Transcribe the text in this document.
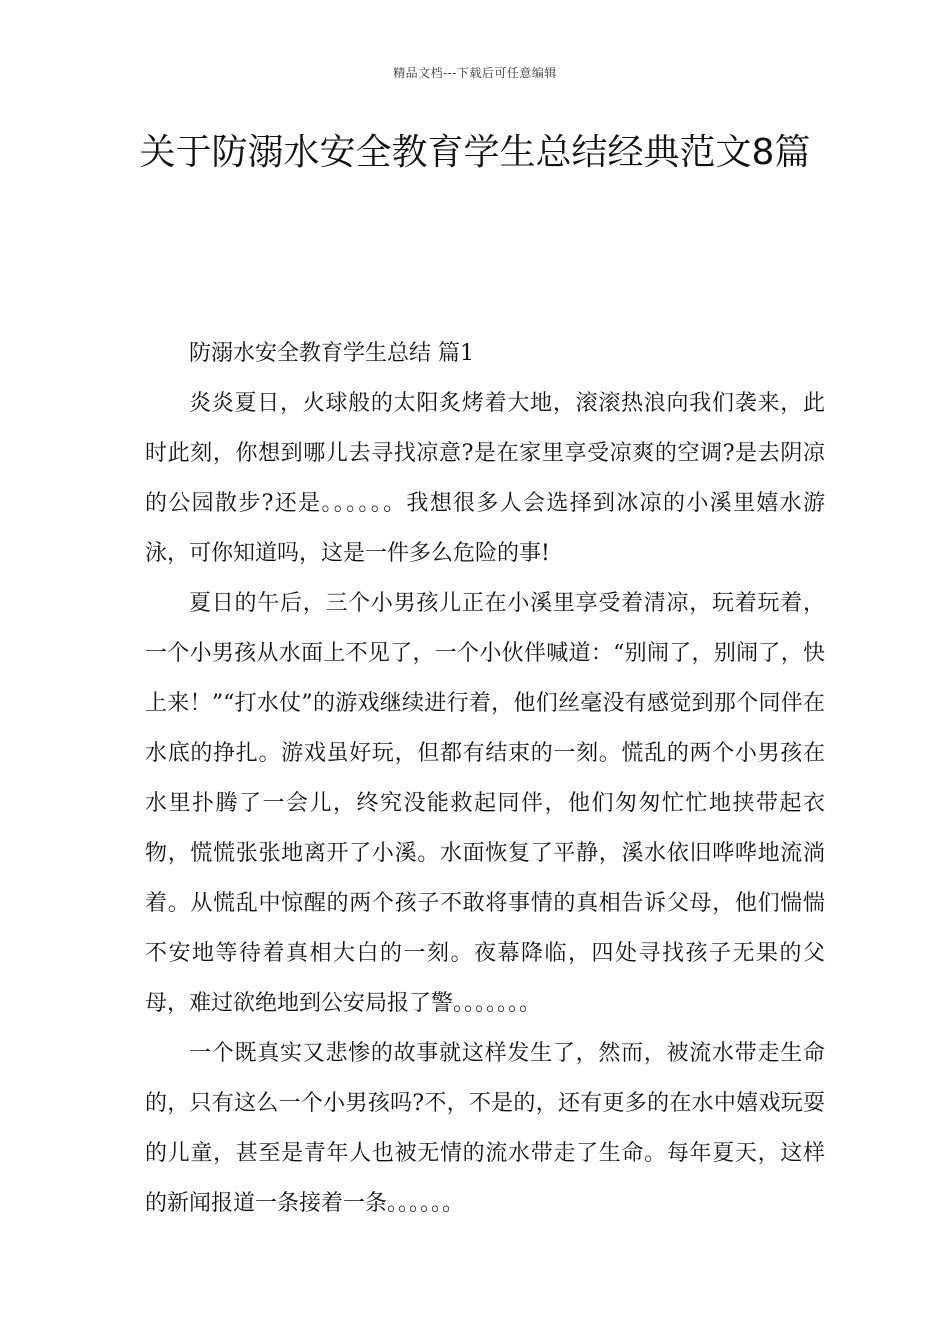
精品文档---下载后可任意编辑
关于防溺水安全教育学生总结经典范文8篇

防溺水安全教育学生总结 篇1

炎炎夏日，火球般的太阳炙烤着大地，滚滚热浪向我们袭来，此时此刻，你想到哪儿去寻找凉意?是在家里享受凉爽的空调?是去阴凉的公园散步?还是。。。。。。我想很多人会选择到冰凉的小溪里嬉水游泳，可你知道吗，这是一件多么危险的事!

夏日的午后，三个小男孩儿正在小溪里享受着清凉，玩着玩着，一个小男孩从水面上不见了，一个小伙伴喊道：“别闹了，别闹了，快上来！”“打水仗”的游戏继续进行着，他们丝毫没有感觉到那个同伴在水底的挣扎。游戏虽好玩，但都有结束的一刻。慌乱的两个小男孩在水里扑腾了一会儿，终究没能救起同伴，他们匆匆忙忙地挟带起衣物，慌慌张张地离开了小溪。水面恢复了平静，溪水依旧哗哗地流淌着。从慌乱中惊醒的两个孩子不敢将事情的真相告诉父母，他们惴惴不安地等待着真相大白的一刻。夜幕降临，四处寻找孩子无果的父母，难过欲绝地到公安局报了警。。。。。。。

一个既真实又悲惨的故事就这样发生了，然而，被流水带走生命的，只有这么一个小男孩吗?不，不是的，还有更多的在水中嬉戏玩耍的儿童，甚至是青年人也被无情的流水带走了生命。每年夏天，这样的新闻报道一条接着一条。。。。。。
